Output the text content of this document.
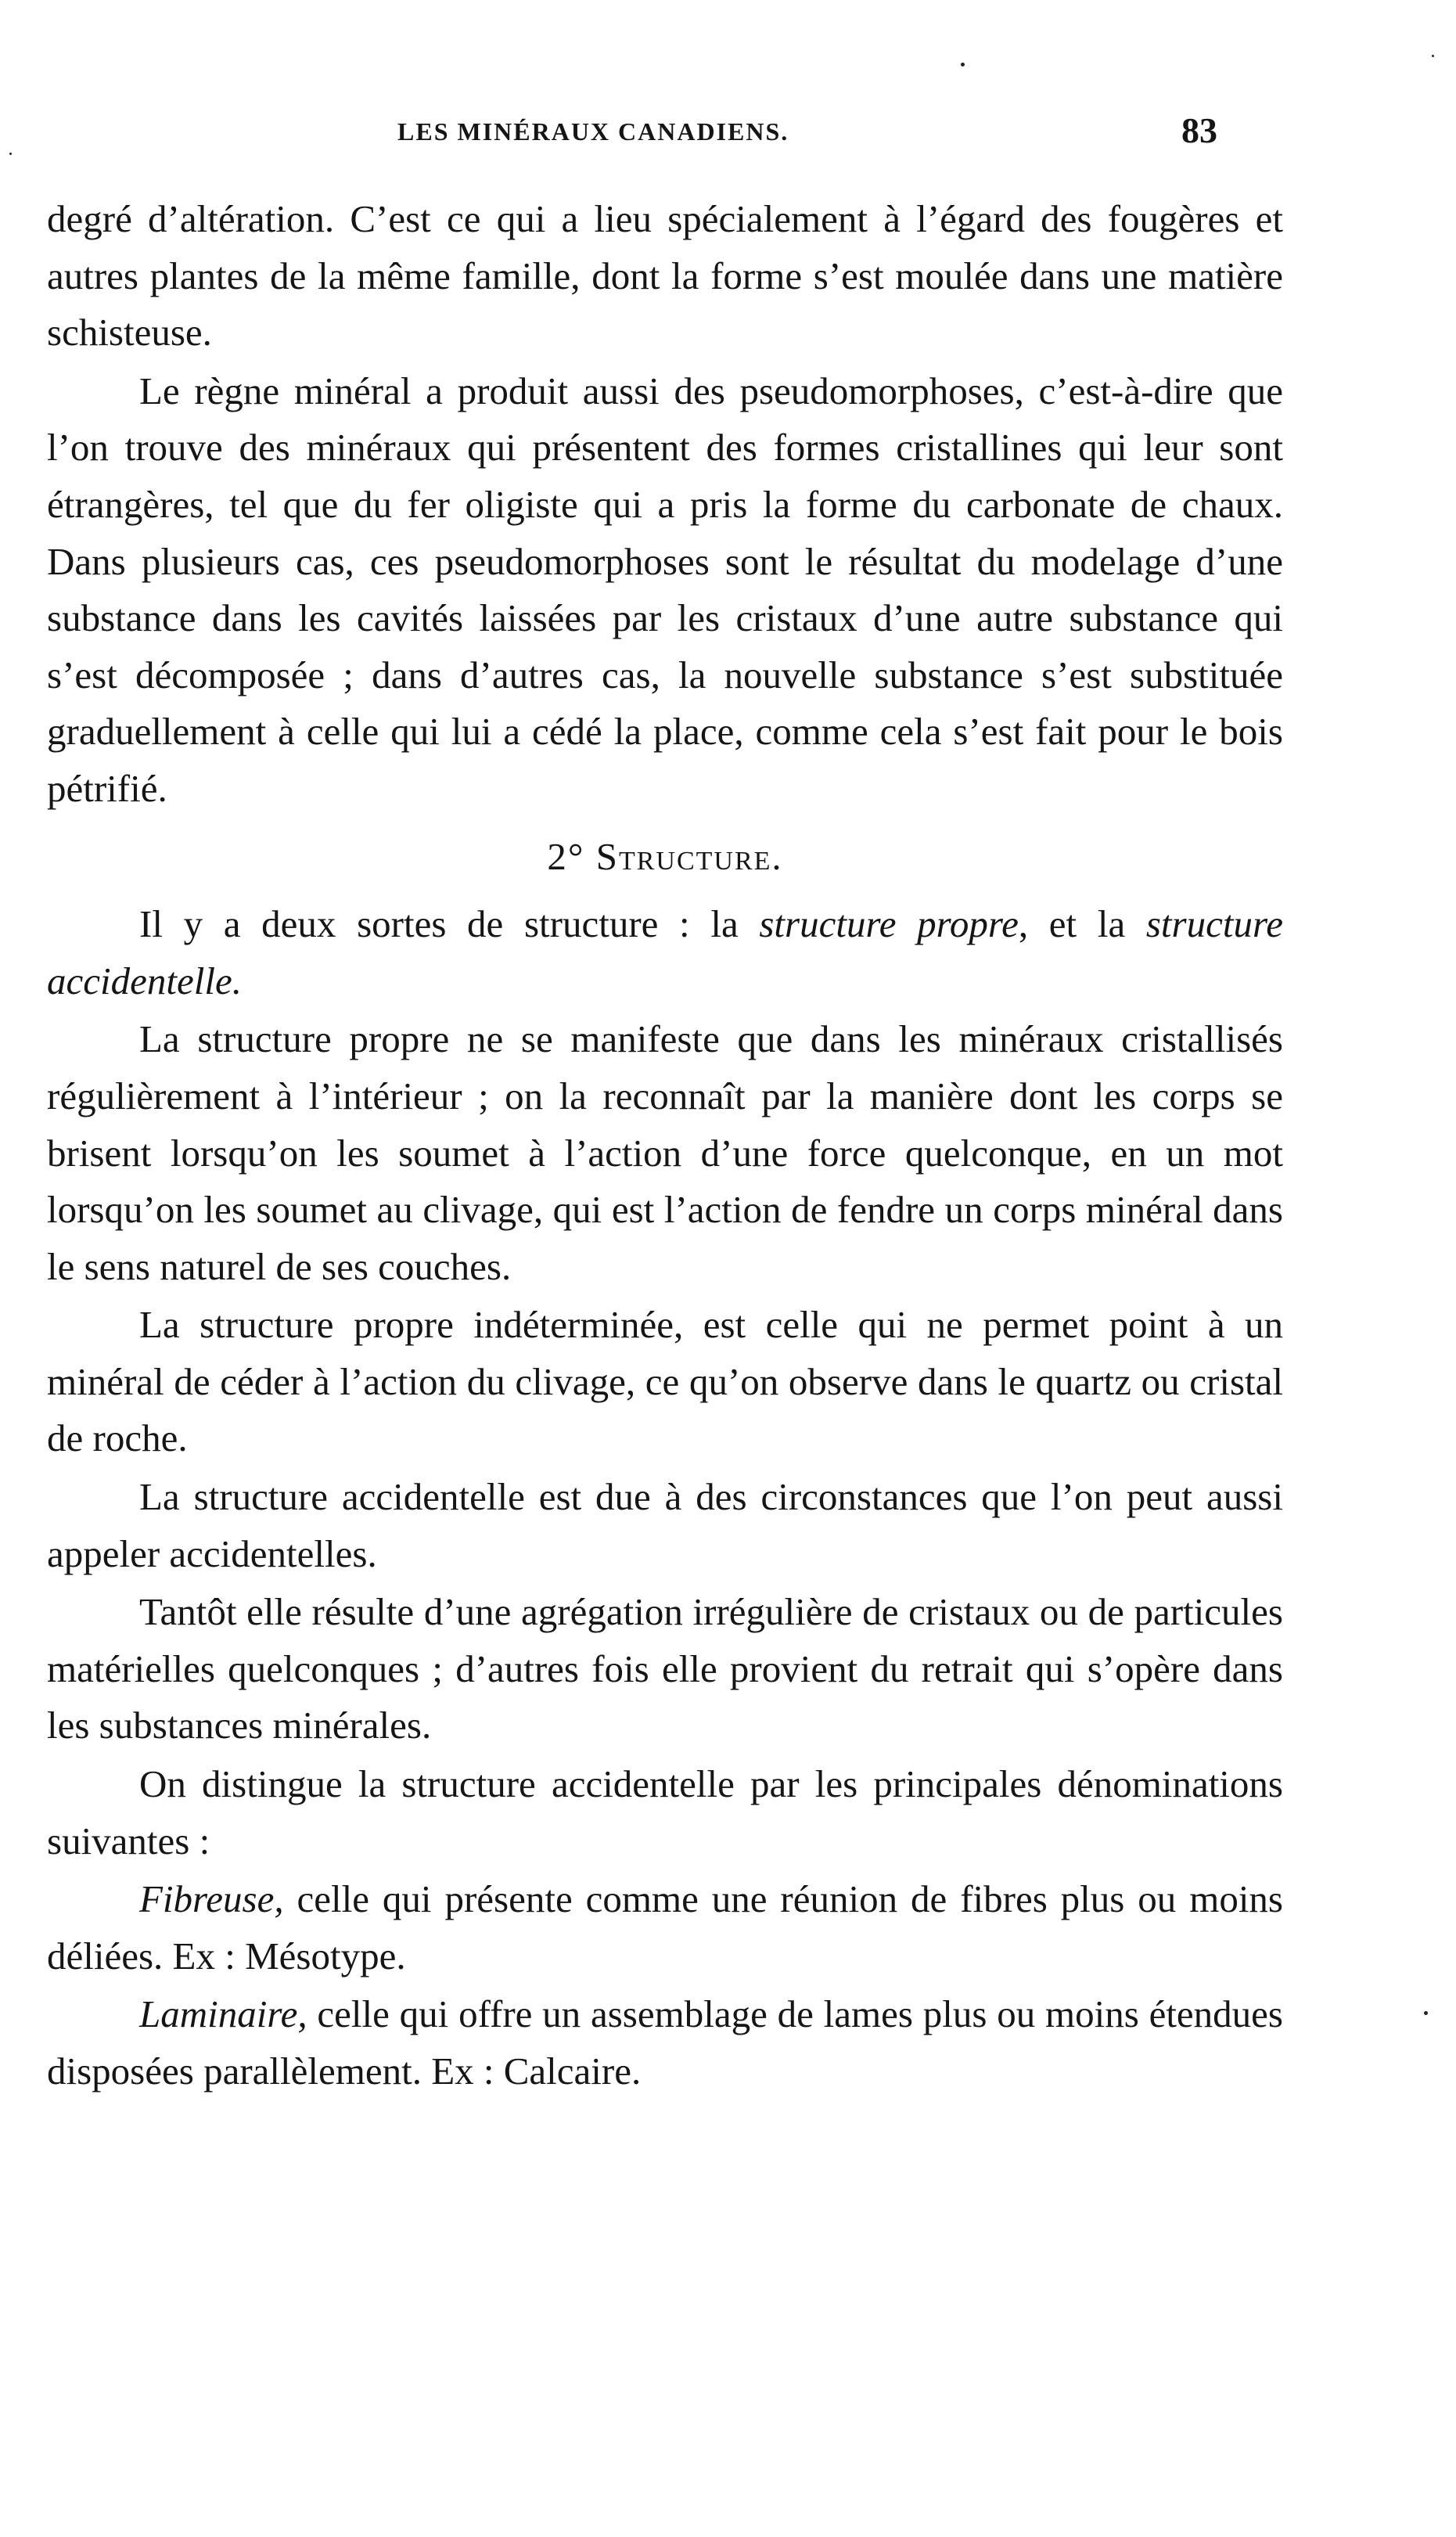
LES MINÉRAUX CANADIENS.	83

degré d’altération. C’est ce qui a lieu spécialement à l’égard des fougères et autres plantes de la même famille, dont la forme s’est moulée dans une matière schisteuse.

Le règne minéral a produit aussi des pseudomorphoses, c’est-à-dire que l’on trouve des minéraux qui présentent des formes cristallines qui leur sont étrangères, tel que du fer oligiste qui a pris la forme du carbonate de chaux. Dans plusieurs cas, ces pseudomorphoses sont le résultat du modelage d’une substance dans les cavités laissées par les cristaux d’une autre substance qui s’est décomposée ; dans d’autres cas, la nouvelle substance s’est substituée graduellement à celle qui lui a cédé la place, comme cela s’est fait pour le bois pétrifié.

2° Structure.

Il y a deux sortes de structure : la structure propre, et la structure accidentelle.

La structure propre ne se manifeste que dans les minéraux cristallisés régulièrement à l’intérieur ; on la reconnaît par la manière dont les corps se brisent lorsqu’on les soumet à l’action d’une force quelconque, en un mot lorsqu’on les soumet au clivage, qui est l’action de fendre un corps minéral dans le sens naturel de ses couches.

La structure propre indéterminée, est celle qui ne permet point à un minéral de céder à l’action du clivage, ce qu’on observe dans le quartz ou cristal de roche.

La structure accidentelle est due à des circonstances que l’on peut aussi appeler accidentelles.

Tantôt elle résulte d’une agrégation irrégulière de cristaux ou de particules matérielles quelconques ; d’autres fois elle provient du retrait qui s’opère dans les substances minérales.

On distingue la structure accidentelle par les principales dénominations suivantes :

Fibreuse, celle qui présente comme une réunion de fibres plus ou moins déliées. Ex : Mésotype.

Laminaire, celle qui offre un assemblage de lames plus ou moins étendues disposées parallèlement. Ex : Calcaire.
